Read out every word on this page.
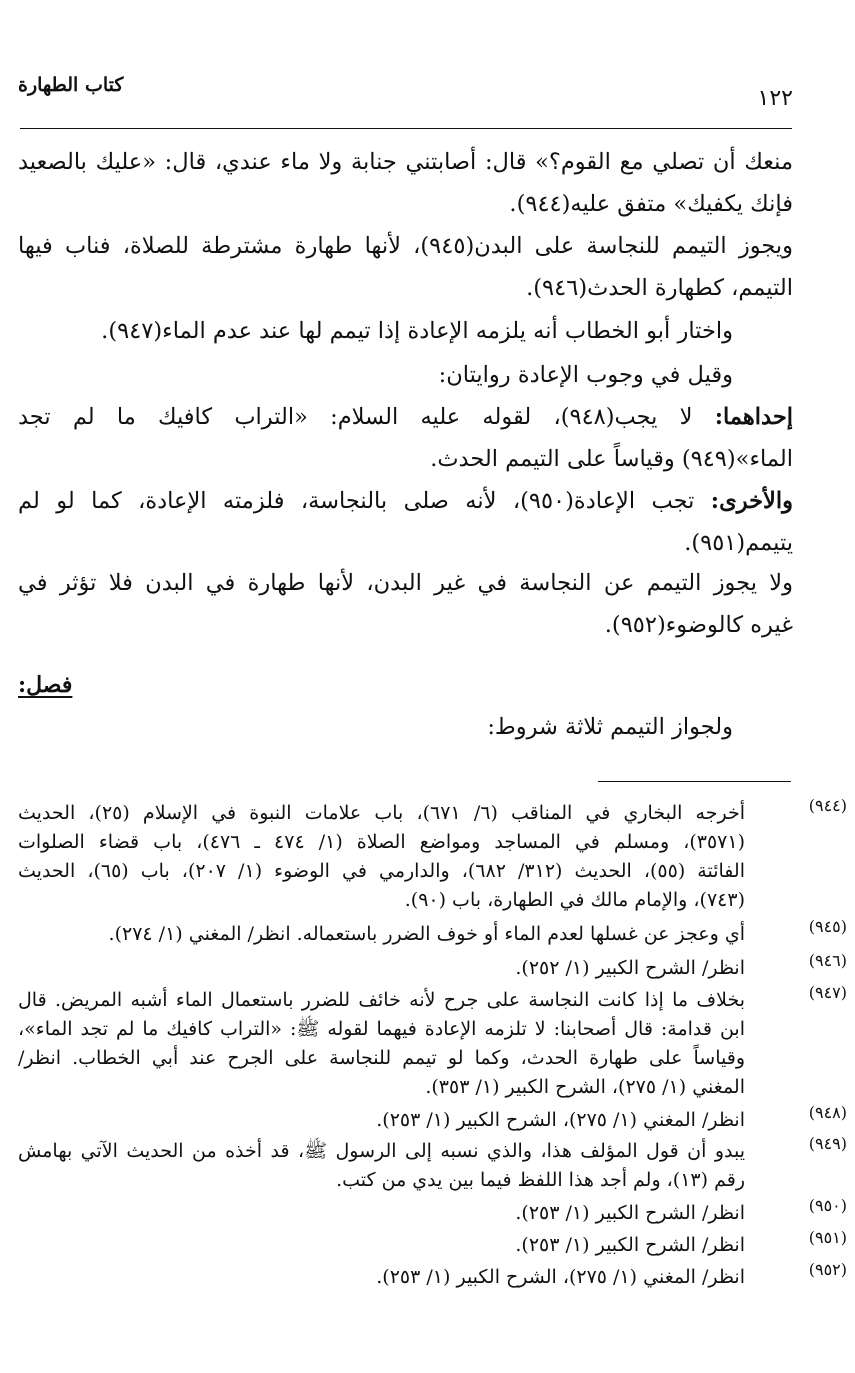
كتاب الطهارة
١٢٢
منعك أن تصلي مع القوم؟» قال: أصابتني جنابة ولا ماء عندي، قال: «عليك بالصعيد
فإنك يكفيك» متفق عليه(٩٤٤).
ويجوز التيمم للنجاسة على البدن(٩٤٥)، لأنها طهارة مشترطة للصلاة، فناب فيها
التيمم، كطهارة الحدث(٩٤٦).
واختار أبو الخطاب أنه يلزمه الإعادة إذا تيمم لها عند عدم الماء(٩٤٧).
وقيل في وجوب الإعادة روايتان:
إحداهما: لا يجب(٩٤٨)، لقوله عليه السلام: «التراب كافيك ما لم تجد
الماء»(٩٤٩) وقياساً على التيمم الحدث.
والأخرى: تجب الإعادة(٩٥٠)، لأنه صلى بالنجاسة، فلزمته الإعادة، كما لو لم
يتيمم(٩٥١).
ولا يجوز التيمم عن النجاسة في غير البدن، لأنها طهارة في البدن فلا تؤثر في
غيره كالوضوء(٩٥٢).
فصل:
ولجواز التيمم ثلاثة شروط:
(٩٤٤)
أخرجه البخاري في المناقب (٦/ ٦٧١)، باب علامات النبوة في الإسلام (٢٥)، الحديث
(٣٥٧١)، ومسلم في المساجد ومواضع الصلاة (١/ ٤٧٤ ـ ٤٧٦)، باب قضاء الصلوات
الفائتة (٥٥)، الحديث (٣١٢/ ٦٨٢)، والدارمي في الوضوء (١/ ٢٠٧)، باب (٦٥)، الحديث
(٧٤٣)، والإمام مالك في الطهارة، باب (٩٠).
(٩٤٥)
أي وعجز عن غسلها لعدم الماء أو خوف الضرر باستعماله. انظر/ المغني (١/ ٢٧٤).
(٩٤٦)
انظر/ الشرح الكبير (١/ ٢٥٢).
(٩٤٧)
بخلاف ما إذا كانت النجاسة على جرح لأنه خائف للضرر باستعمال الماء أشبه المريض. قال
ابن قدامة: قال أصحابنا: لا تلزمه الإعادة فيهما لقوله ﷺ: «التراب كافيك ما لم تجد الماء»،
وقياساً على طهارة الحدث، وكما لو تيمم للنجاسة على الجرح عند أبي الخطاب. انظر/
المغني (١/ ٢٧٥)، الشرح الكبير (١/ ٣٥٣).
(٩٤٨)
انظر/ المغني (١/ ٢٧٥)، الشرح الكبير (١/ ٢٥٣).
(٩٤٩)
يبدو أن قول المؤلف هذا، والذي نسبه إلى الرسول ﷺ، قد أخذه من الحديث الآتي بهامش
رقم (١٣)، ولم أجد هذا اللفظ فيما بين يدي من كتب.
(٩٥٠)
انظر/ الشرح الكبير (١/ ٢٥٣).
(٩٥١)
انظر/ الشرح الكبير (١/ ٢٥٣).
(٩٥٢)
انظر/ المغني (١/ ٢٧٥)، الشرح الكبير (١/ ٢٥٣).
